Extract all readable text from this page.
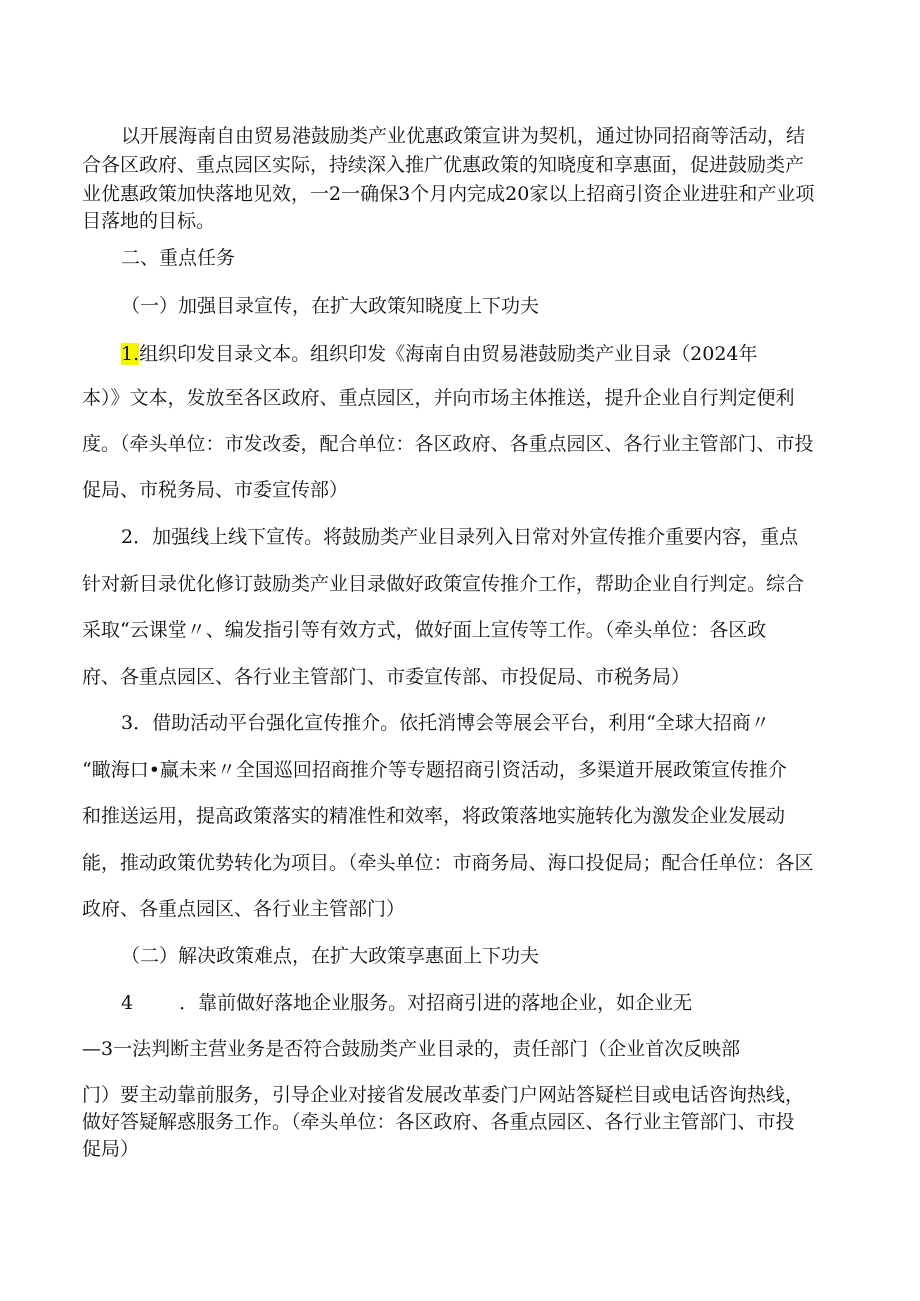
以开展海南自由贸易港鼓励类产业优惠政策宣讲为契机，通过协同招商等活动，结
合各区政府、重点园区实际，持续深入推广优惠政策的知晓度和享惠面，促进鼓励类产
业优惠政策加快落地见效，一2一确保3个月内完成20家以上招商引资企业进驻和产业项
目落地的目标。
二、重点任务
（一）加强目录宣传，在扩大政策知晓度上下功夫
1.组织印发目录文本。组织印发《海南自由贸易港鼓励类产业目录（2024年
本）》文本，发放至各区政府、重点园区，并向市场主体推送，提升企业自行判定便利
度。（牵头单位：市发改委，配合单位：各区政府、各重点园区、各行业主管部门、市投
促局、市税务局、市委宣传部）
2．加强线上线下宣传。将鼓励类产业目录列入日常对外宣传推介重要内容，重点
针对新目录优化修订鼓励类产业目录做好政策宣传推介工作，帮助企业自行判定。综合
采取“云课堂〃、编发指引等有效方式，做好面上宣传等工作。（牵头单位：各区政
府、各重点园区、各行业主管部门、市委宣传部、市投促局、市税务局）
3．借助活动平台强化宣传推介。依托消博会等展会平台，利用“全球大招商〃
“瞰海口•赢未来〃全国巡回招商推介等专题招商引资活动，多渠道开展政策宣传推介
和推送运用，提高政策落实的精准性和效率，将政策落地实施转化为激发企业发展动
能，推动政策优势转化为项目。（牵头单位：市商务局、海口投促局；配合任单位：各区
政府、各重点园区、各行业主管部门）
（二）解决政策难点，在扩大政策享惠面上下功夫
4 ．靠前做好落地企业服务。对招商引进的落地企业，如企业无
—3一法判断主营业务是否符合鼓励类产业目录的，责任部门（企业首次反映部
门）要主动靠前服务，引导企业对接省发展改革委门户网站答疑栏目或电话咨询热线，
做好答疑解惑服务工作。（牵头单位：各区政府、各重点园区、各行业主管部门、市投
促局）
